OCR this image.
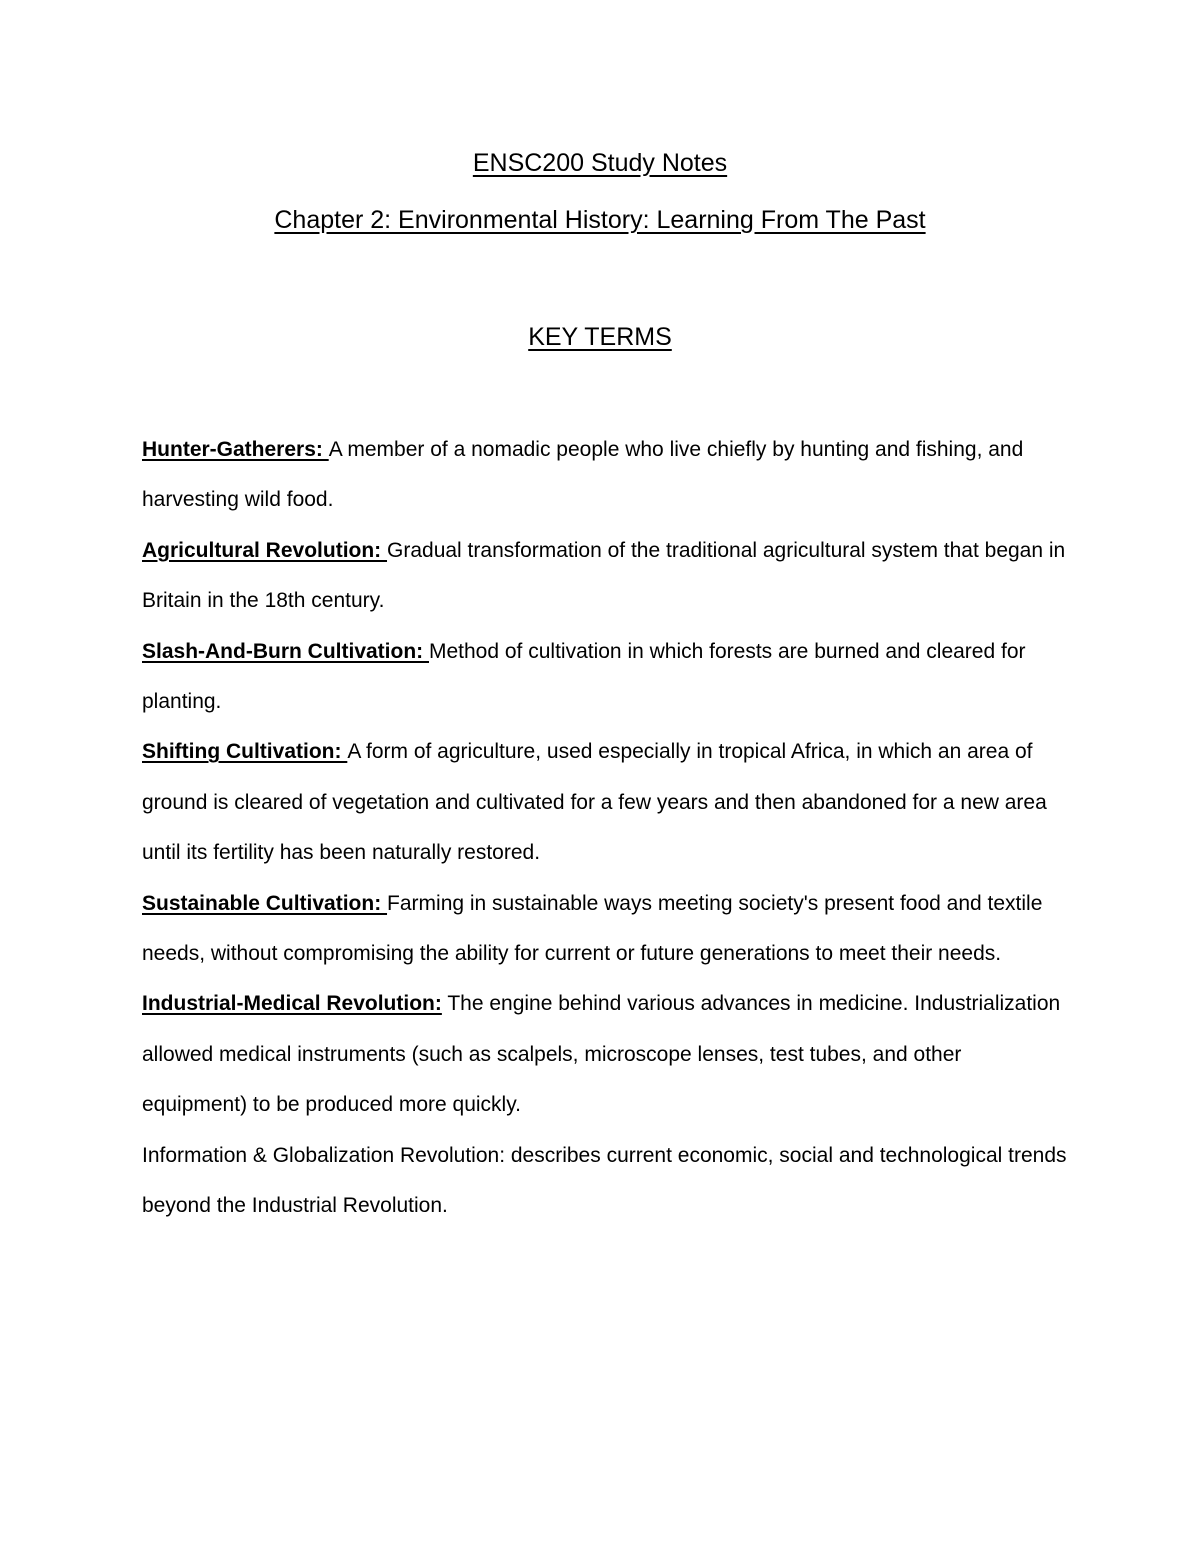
ENSC200 Study Notes
Chapter 2: Environmental History: Learning From The Past
KEY TERMS

Hunter-Gatherers: A member of a nomadic people who live chiefly by hunting and fishing, and harvesting wild food.

Agricultural Revolution: Gradual transformation of the traditional agricultural system that began in Britain in the 18th century.

Slash-And-Burn Cultivation: Method of cultivation in which forests are burned and cleared for planting.

Shifting Cultivation: A form of agriculture, used especially in tropical Africa, in which an area of ground is cleared of vegetation and cultivated for a few years and then abandoned for a new area until its fertility has been naturally restored.

Sustainable Cultivation: Farming in sustainable ways meeting society's present food and textile needs, without compromising the ability for current or future generations to meet their needs.

Industrial-Medical Revolution: The engine behind various advances in medicine. Industrialization allowed medical instruments (such as scalpels, microscope lenses, test tubes, and other equipment) to be produced more quickly.

Information & Globalization Revolution: describes current economic, social and technological trends beyond the Industrial Revolution.
